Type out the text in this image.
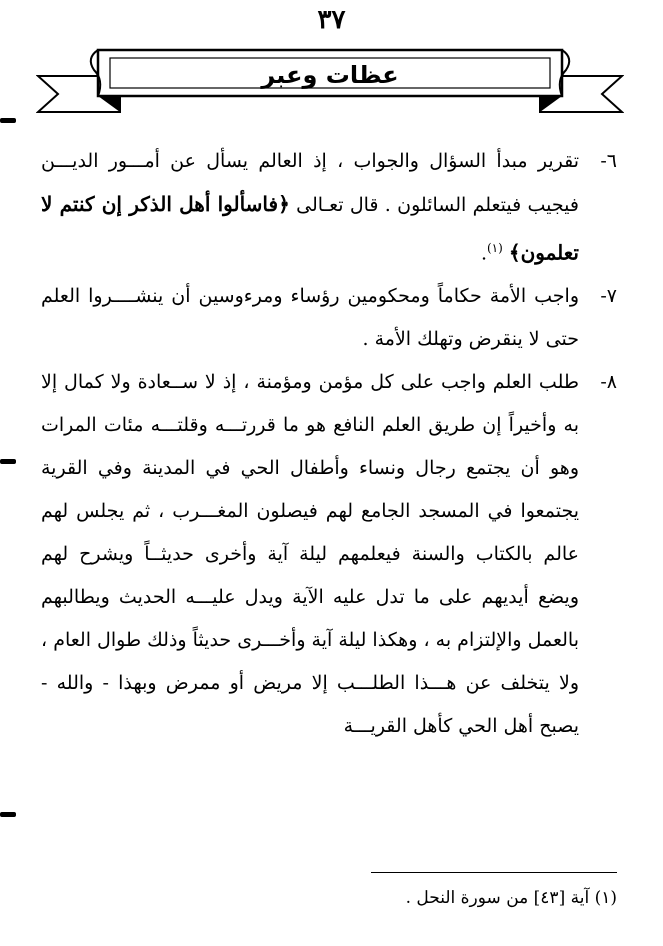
٣٧
عظات وعبر
٦-
تقرير مبدأ السؤال والجواب ، إذ العالم يسأل عن أمـــور الديـــن فيجيب فيتعلم السائلون . قال تعـالى ﴿فاسألوا أهل الذكر إن كنتم لا تعلمون﴾ $^{(١)}$.
٧-
واجب الأمة حكاماً ومحكومين رؤساء ومرءوسين أن ينشــــروا العلم حتى لا ينقرض وتهلك الأمة .
٨-
طلب العلم واجب على كل مؤمن ومؤمنة ، إذ لا ســعادة ولا كمال إلا به وأخيراً إن طريق العلم النافع هو ما قررتـــه وقلتـــه مئات المرات وهو أن يجتمع رجال ونساء وأطفال الحي في المدينة وفي القرية يجتمعوا في المسجد الجامع لهم فيصلون المغـــرب ، ثم يجلس لهم عالم بالكتاب والسنة فيعلمهم ليلة آية وأخرى حديثــاً ويشرح لهم ويضع أيديهم على ما تدل عليه الآية ويدل عليـــه الحديث ويطالبهم بالعمل والإلتزام به ، وهكذا ليلة آية وأخـــرى حديثاً وذلك طوال العام ، ولا يتخلف عن هـــذا الطلـــب إلا مريض أو ممرض وبهذا - والله - يصبح أهل الحي كأهل القريـــة
(١) آية [٤٣] من سورة النحل .
